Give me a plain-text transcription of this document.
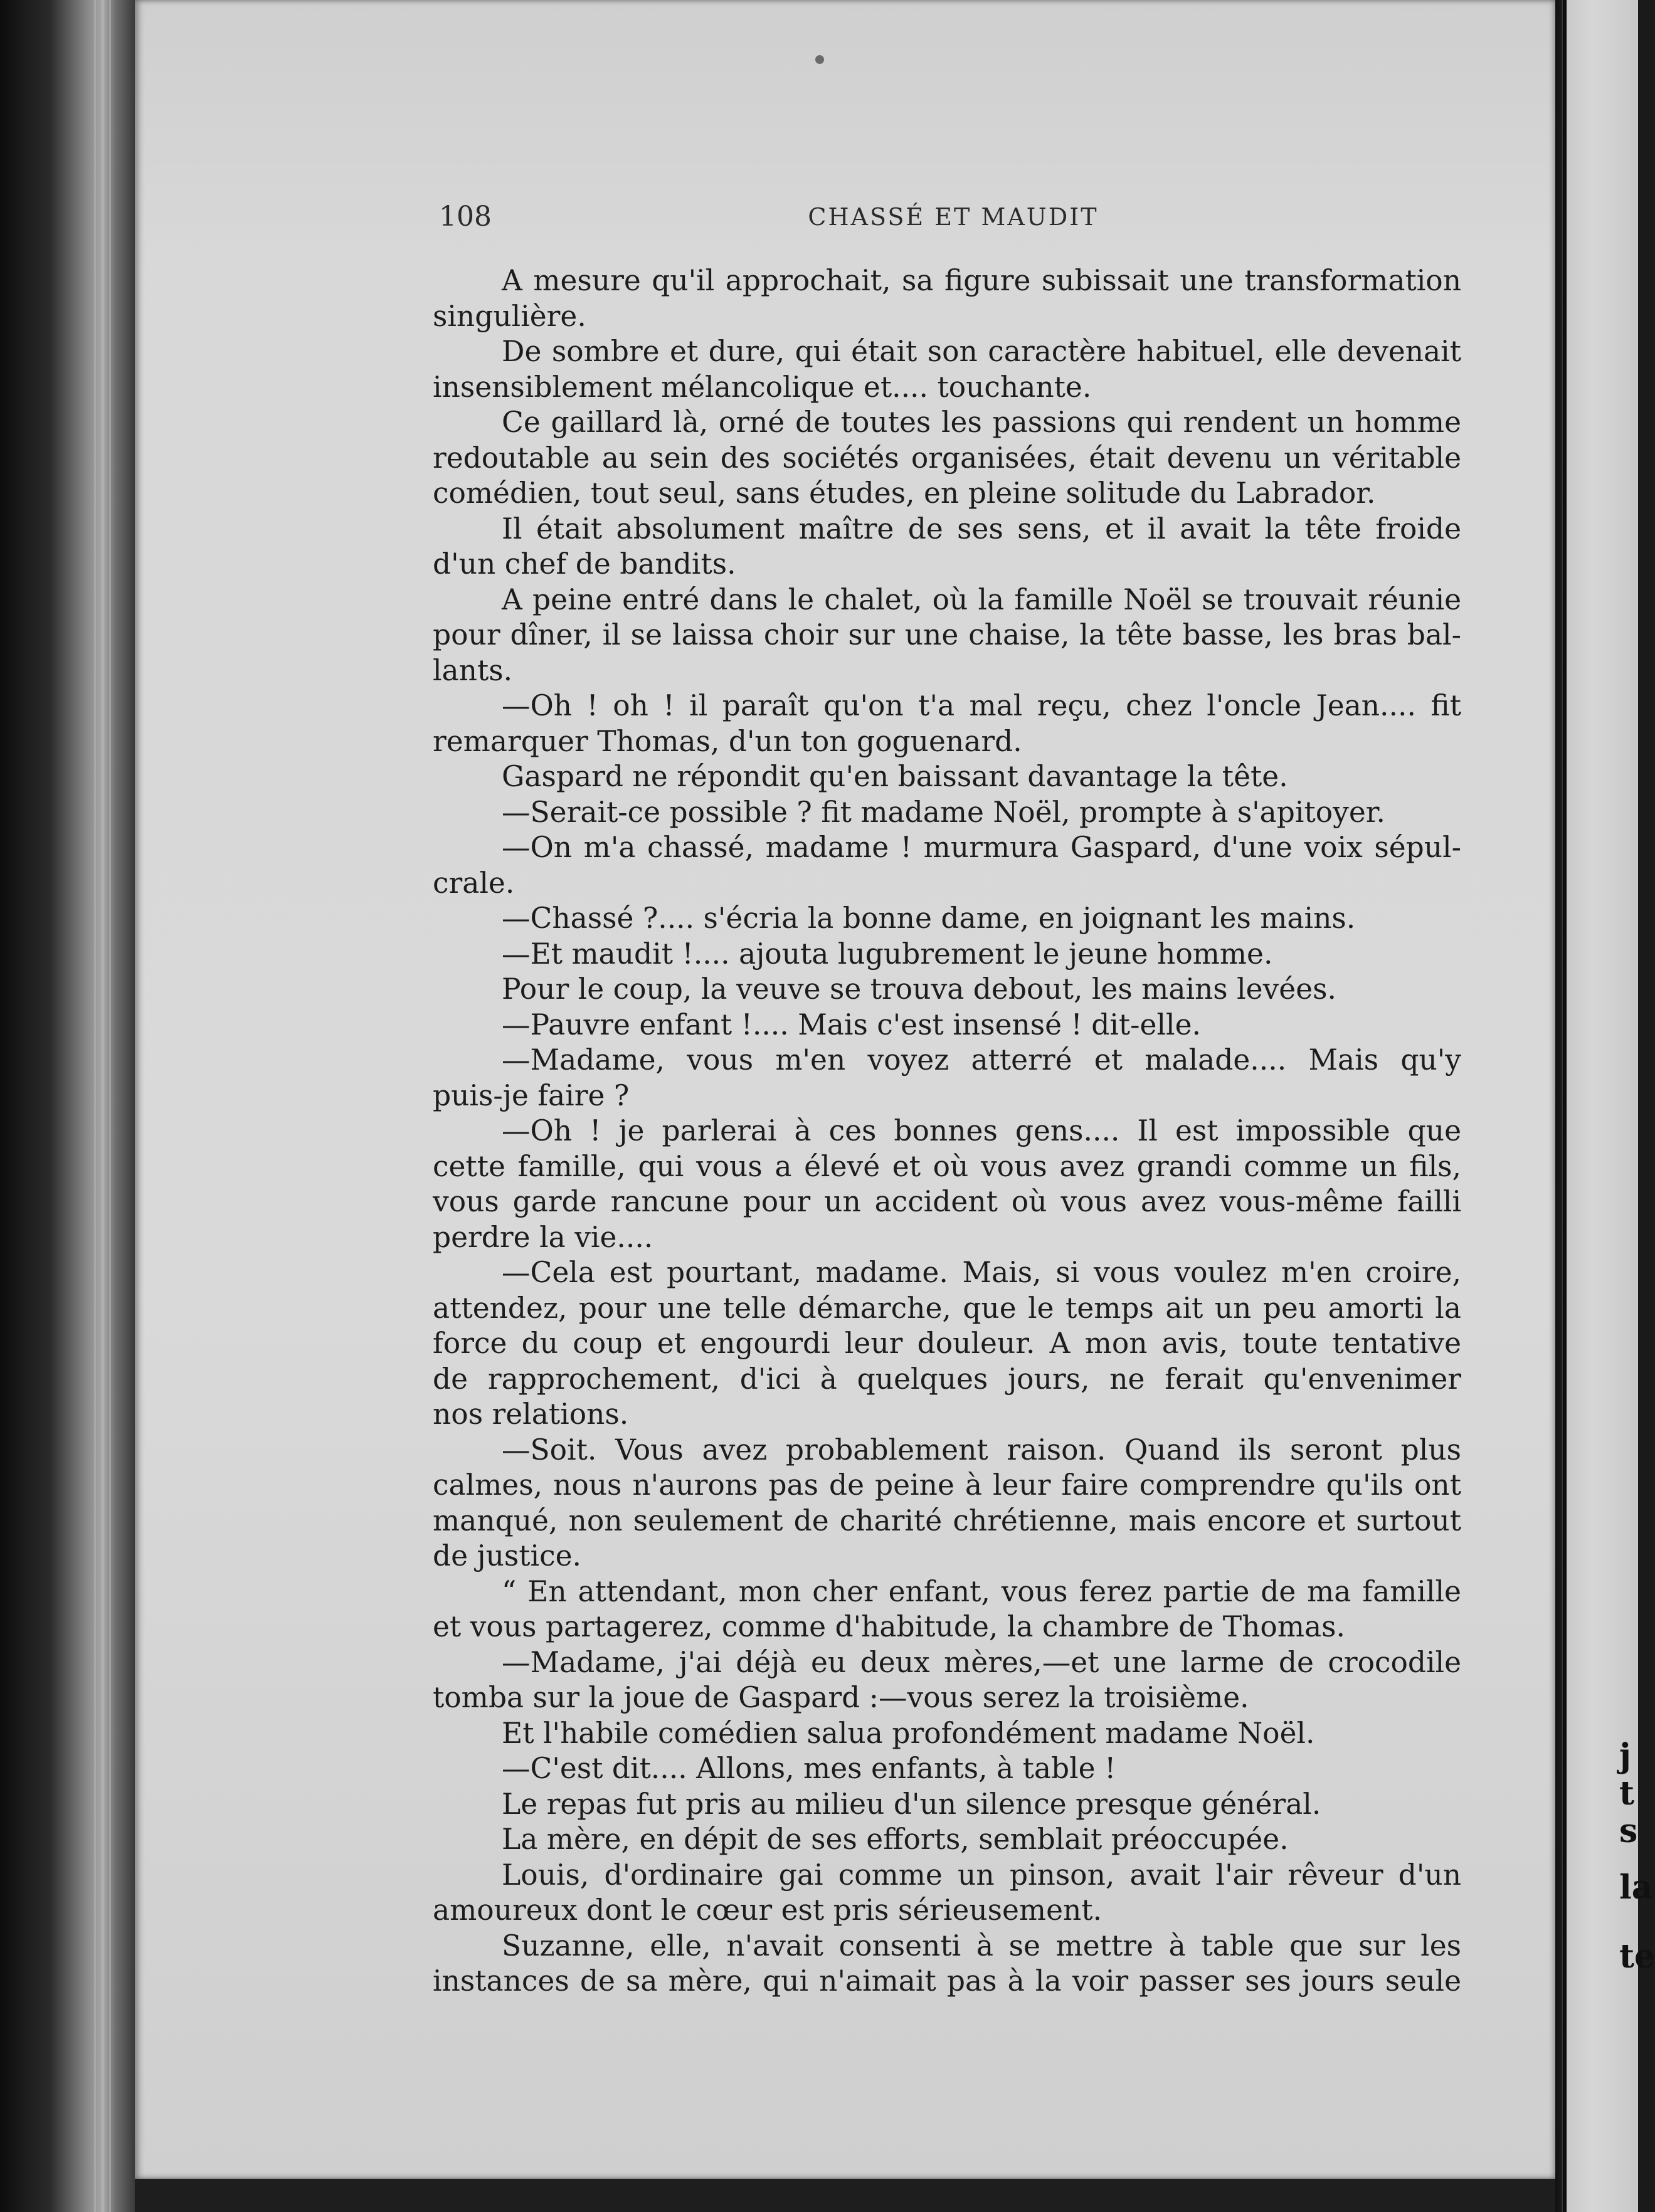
j
t
s
la
te
108	CHASSÉ ET MAUDIT
A mesure qu'il approchait, sa figure subissait une transformation
singulière.
De sombre et dure, qui était son caractère habituel, elle devenait
insensiblement mélancolique et.... touchante.
Ce gaillard là, orné de toutes les passions qui rendent un homme
redoutable au sein des sociétés organisées, était devenu un véritable
comédien, tout seul, sans études, en pleine solitude du Labrador.
Il était absolument maître de ses sens, et il avait la tête froide
d'un chef de bandits.
A peine entré dans le chalet, où la famille Noël se trouvait réunie
pour dîner, il se laissa choir sur une chaise, la tête basse, les bras bal-
lants.
—Oh ! oh ! il paraît qu'on t'a mal reçu, chez l'oncle Jean.... fit
remarquer Thomas, d'un ton goguenard.
Gaspard ne répondit qu'en baissant davantage la tête.
—Serait-ce possible ? fit madame Noël, prompte à s'apitoyer.
—On m'a chassé, madame ! murmura Gaspard, d'une voix sépul-
crale.
—Chassé ?.... s'écria la bonne dame, en joignant les mains.
—Et maudit !.... ajouta lugubrement le jeune homme.
Pour le coup, la veuve se trouva debout, les mains levées.
—Pauvre enfant !.... Mais c'est insensé ! dit-elle.
—Madame, vous m'en voyez atterré et malade.... Mais qu'y
puis-je faire ?
—Oh ! je parlerai à ces bonnes gens.... Il est impossible que
cette famille, qui vous a élevé et où vous avez grandi comme un fils,
vous garde rancune pour un accident où vous avez vous-même failli
perdre la vie....
—Cela est pourtant, madame. Mais, si vous voulez m'en croire,
attendez, pour une telle démarche, que le temps ait un peu amorti la
force du coup et engourdi leur douleur. A mon avis, toute tentative
de rapprochement, d'ici à quelques jours, ne ferait qu'envenimer
nos relations.
—Soit. Vous avez probablement raison. Quand ils seront plus
calmes, nous n'aurons pas de peine à leur faire comprendre qu'ils ont
manqué, non seulement de charité chrétienne, mais encore et surtout
de justice.
“ En attendant, mon cher enfant, vous ferez partie de ma famille
et vous partagerez, comme d'habitude, la chambre de Thomas.
—Madame, j'ai déjà eu deux mères,—et une larme de crocodile
tomba sur la joue de Gaspard :—vous serez la troisième.
Et l'habile comédien salua profondément madame Noël.
—C'est dit.... Allons, mes enfants, à table !
Le repas fut pris au milieu d'un silence presque général.
La mère, en dépit de ses efforts, semblait préoccupée.
Louis, d'ordinaire gai comme un pinson, avait l'air rêveur d'un
amoureux dont le cœur est pris sérieusement.
Suzanne, elle, n'avait consenti à se mettre à table que sur les
instances de sa mère, qui n'aimait pas à la voir passer ses jours seule
